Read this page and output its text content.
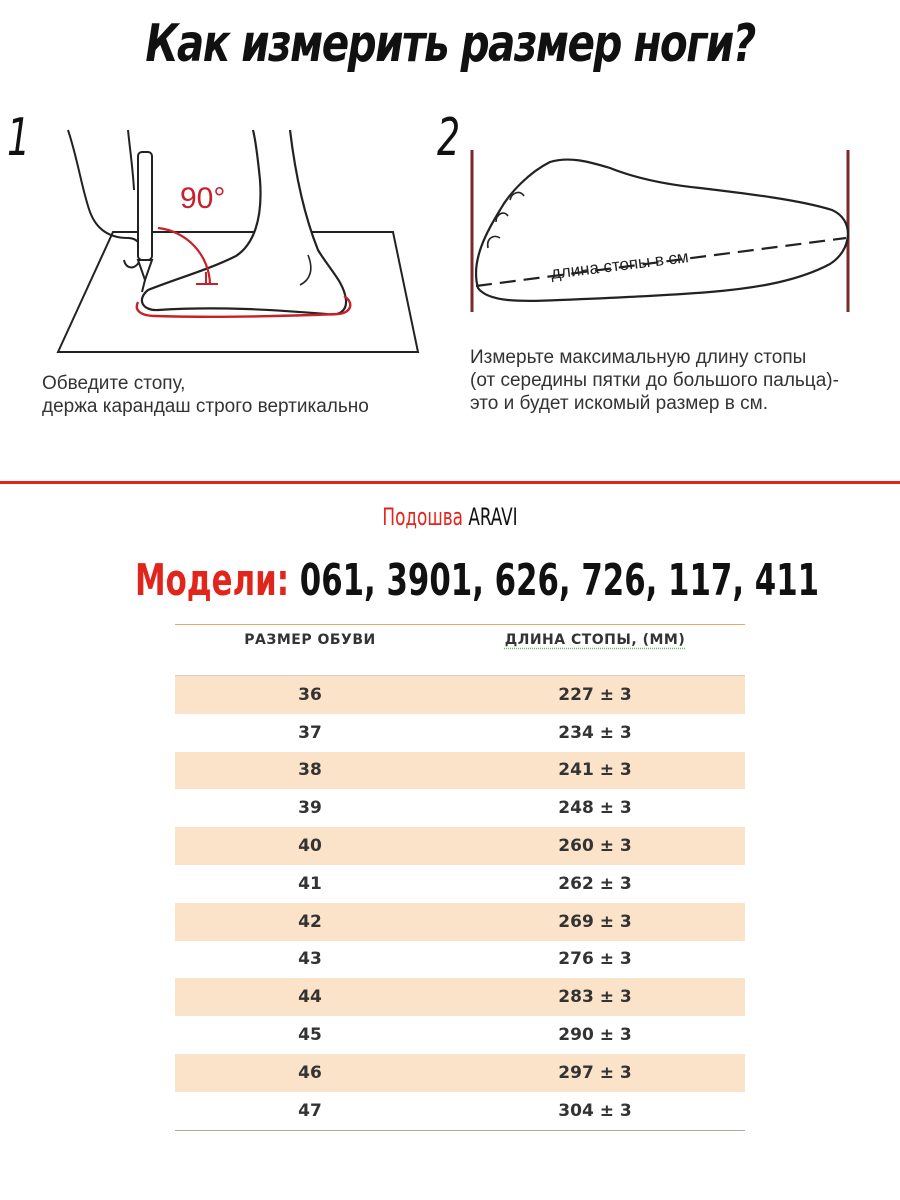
Как измерить размер ноги?
1
90°
Обведите стопу,
держа карандаш строго вертикально
2
длина стопы в см
Измерьте максимальную длину стопы
(от середины пятки до большого пальца)-
это и будет искомый размер в см.
Подошва ARAVI
Модели: 061, 3901, 626, 726, 117, 411
РАЗМЕР ОБУВИ	ДЛИНА СТОПЫ, (ММ)

36	227 ± 3
37	234 ± 3
38	241 ± 3
39	248 ± 3
40	260 ± 3
41	262 ± 3
42	269 ± 3
43	276 ± 3
44	283 ± 3
45	290 ± 3
46	297 ± 3
47	304 ± 3
